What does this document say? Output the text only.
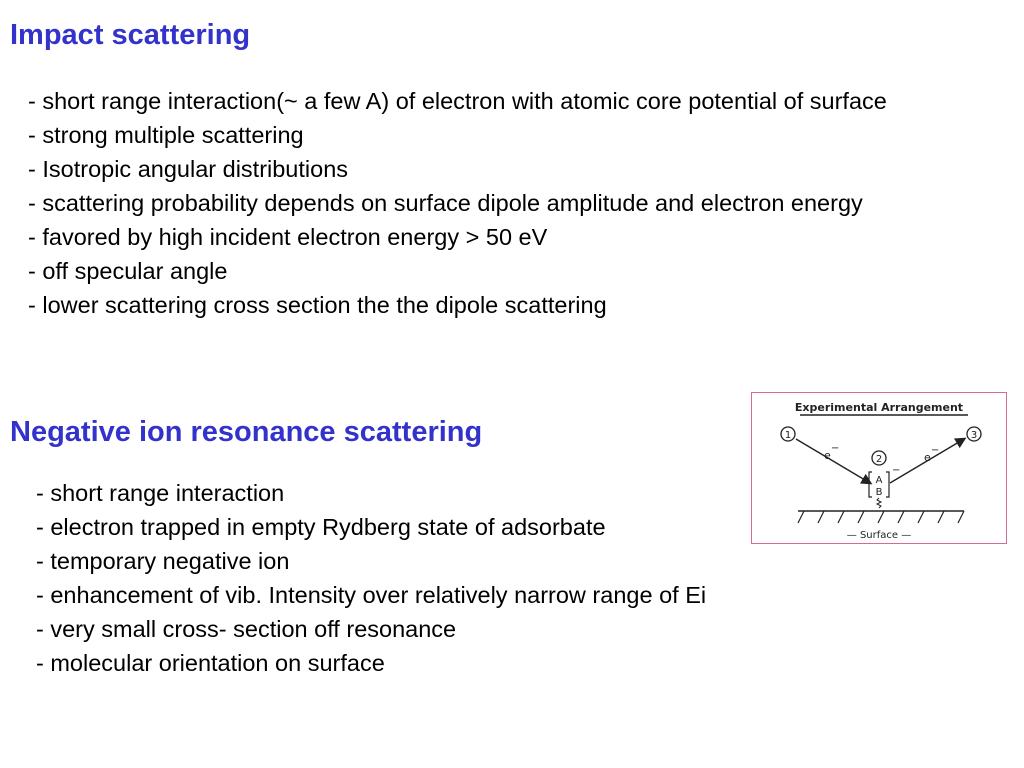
Impact scattering
- short range interaction(~ a few A) of electron with atomic core potential of surface
- strong multiple scattering
- Isotropic angular distributions
- scattering probability depends on surface dipole amplitude and electron energy
- favored by high incident electron energy > 50 eV
- off specular angle
- lower scattering cross section the the dipole scattering
Negative ion resonance scattering
- short range interaction
- electron trapped in empty Rydberg state of adsorbate
- temporary negative ion
- enhancement of vib. Intensity over relatively narrow range of Ei
- very small cross- section off resonance
- molecular orientation on surface
Experimental Arrangement
1
2
3
e
−
e
−
A
B
−
— Surface —
